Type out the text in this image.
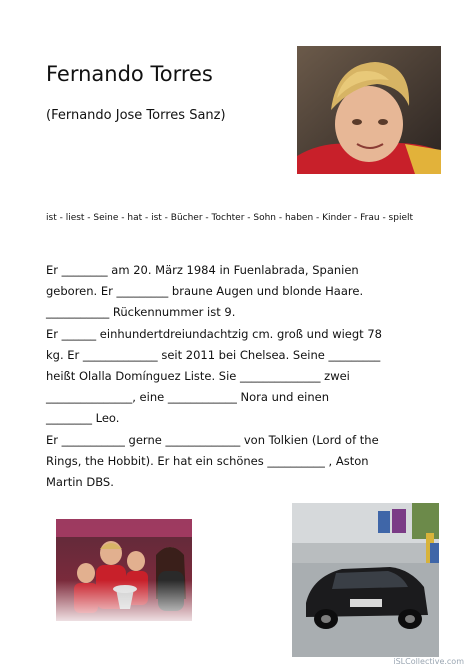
Fernando Torres
(Fernando Jose Torres Sanz)
ist - liest - Seine - hat - ist - Bücher - Tochter - Sohn - haben - Kinder - Frau - spielt
Er ________ am 20. März 1984 in Fuenlabrada, Spanien
geboren. Er _________ braune Augen und blonde Haare.
___________ Rückennummer ist 9.
Er ______ einhundertdreiundachtzig cm. groß und wiegt 78
kg. Er _____________ seit 2011 bei Chelsea. Seine _________
heißt Olalla Domínguez Liste. Sie ______________ zwei
_______________, eine ____________ Nora und einen
________ Leo.
Er ___________ gerne _____________ von Tolkien (Lord of the
Rings, the Hobbit). Er hat ein schönes __________ , Aston
Martin DBS.
iSLCollective.com
